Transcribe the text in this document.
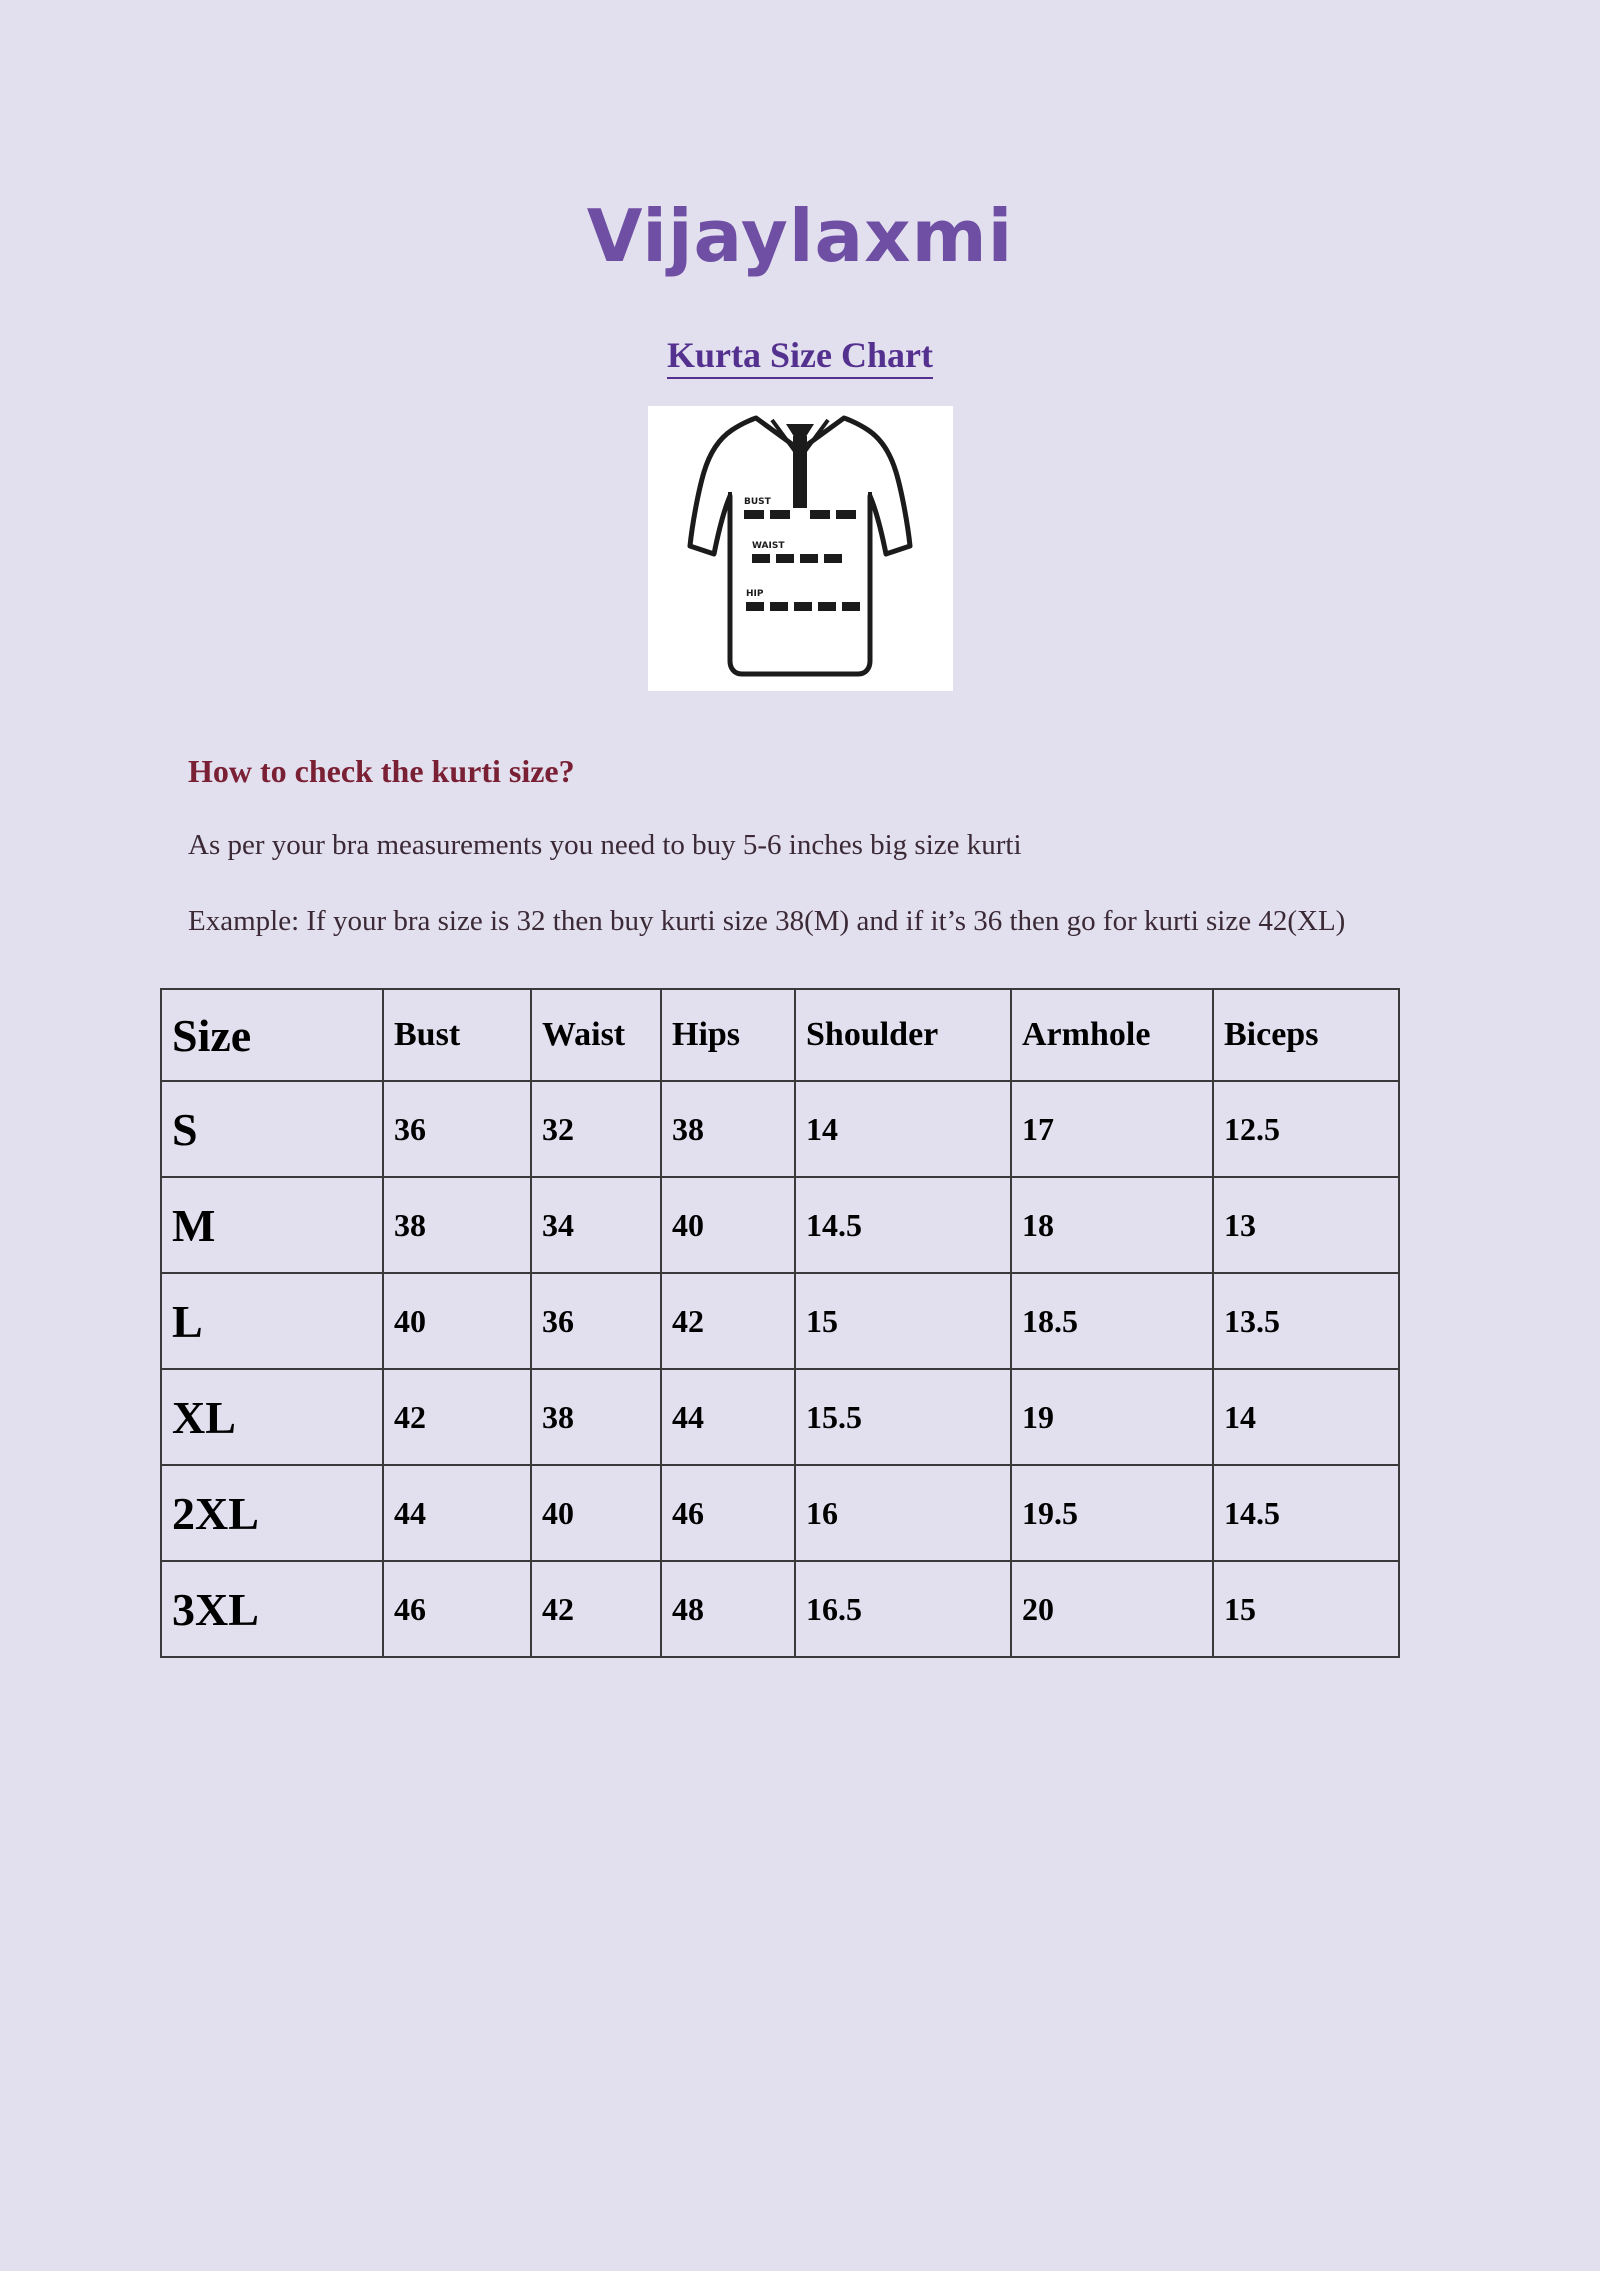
Vijaylaxmi
Kurta Size Chart
BUST
WAIST
HIP
How to check the kurti size?
As per your bra measurements you need to buy 5-6 inches big size kurti
Example: If your bra size is 32 then buy kurti size 38(M) and if it’s 36 then go for kurti size 42(XL)
Size	Bust	Waist	Hips	Shoulder	Armhole	Biceps
S	36	32	38	14	17	12.5
M	38	34	40	14.5	18	13
L	40	36	42	15	18.5	13.5
XL	42	38	44	15.5	19	14
2XL	44	40	46	16	19.5	14.5
3XL	46	42	48	16.5	20	15
